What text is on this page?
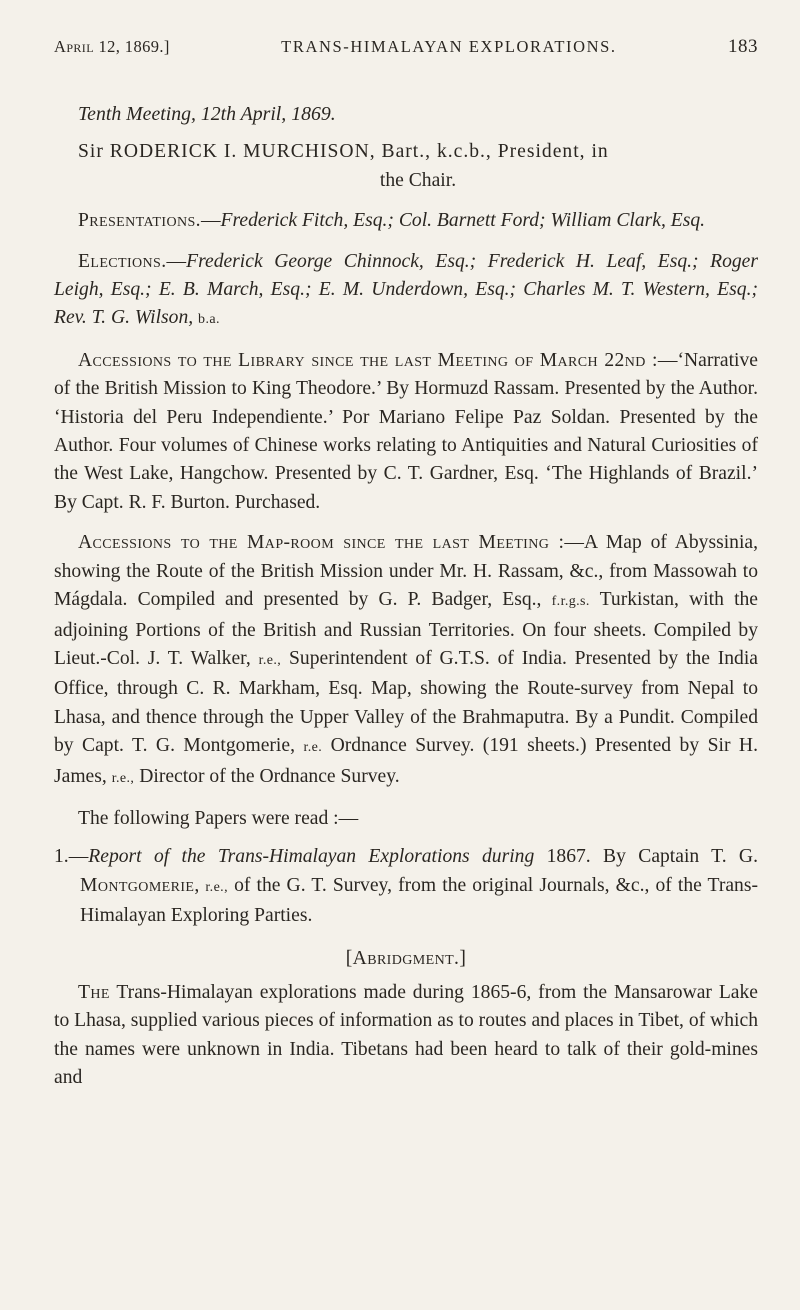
April 12, 1869.]	TRANS-HIMALAYAN EXPLORATIONS.	183

Tenth Meeting, 12th April, 1869.

Sir RODERICK I. MURCHISON, Bart., k.c.b., President, in
the Chair.

Presentations.—Frederick Fitch, Esq.; Col. Barnett Ford; William Clark, Esq.

Elections.—Frederick George Chinnock, Esq.; Frederick H. Leaf, Esq.; Roger Leigh, Esq.; E. B. March, Esq.; E. M. Underdown, Esq.; Charles M. T. Western, Esq.; Rev. T. G. Wilson, b.a.

Accessions to the Library since the last Meeting of March 22nd :—‘Narrative of the British Mission to King Theodore.’ By Hormuzd Rassam. Presented by the Author. ‘Historia del Peru Independiente.’ Por Mariano Felipe Paz Soldan. Presented by the Author. Four volumes of Chinese works relating to Antiquities and Natural Curiosities of the West Lake, Hangchow. Presented by C. T. Gardner, Esq. ‘The Highlands of Brazil.’ By Capt. R. F. Burton. Purchased.

Accessions to the Map-room since the last Meeting :—A Map of Abyssinia, showing the Route of the British Mission under Mr. H. Rassam, &c., from Massowah to Mágdala. Compiled and presented by G. P. Badger, Esq., f.r.g.s. Turkistan, with the adjoining Portions of the British and Russian Territories. On four sheets. Compiled by Lieut.-Col. J. T. Walker, r.e., Superintendent of G.T.S. of India. Presented by the India Office, through C. R. Markham, Esq. Map, showing the Route-survey from Nepal to Lhasa, and thence through the Upper Valley of the Brahmaputra. By a Pundit. Compiled by Capt. T. G. Montgomerie, r.e. Ordnance Survey. (191 sheets.) Presented by Sir H. James, r.e., Director of the Ordnance Survey.

The following Papers were read :—

1.—Report of the Trans-Himalayan Explorations during 1867. By Captain T. G. Montgomerie, r.e., of the G. T. Survey, from the original Journals, &c., of the Trans-Himalayan Exploring Parties.

[Abridgment.]

The Trans-Himalayan explorations made during 1865-6, from the Mansarowar Lake to Lhasa, supplied various pieces of information as to routes and places in Tibet, of which the names were unknown in India. Tibetans had been heard to talk of their gold-mines and
